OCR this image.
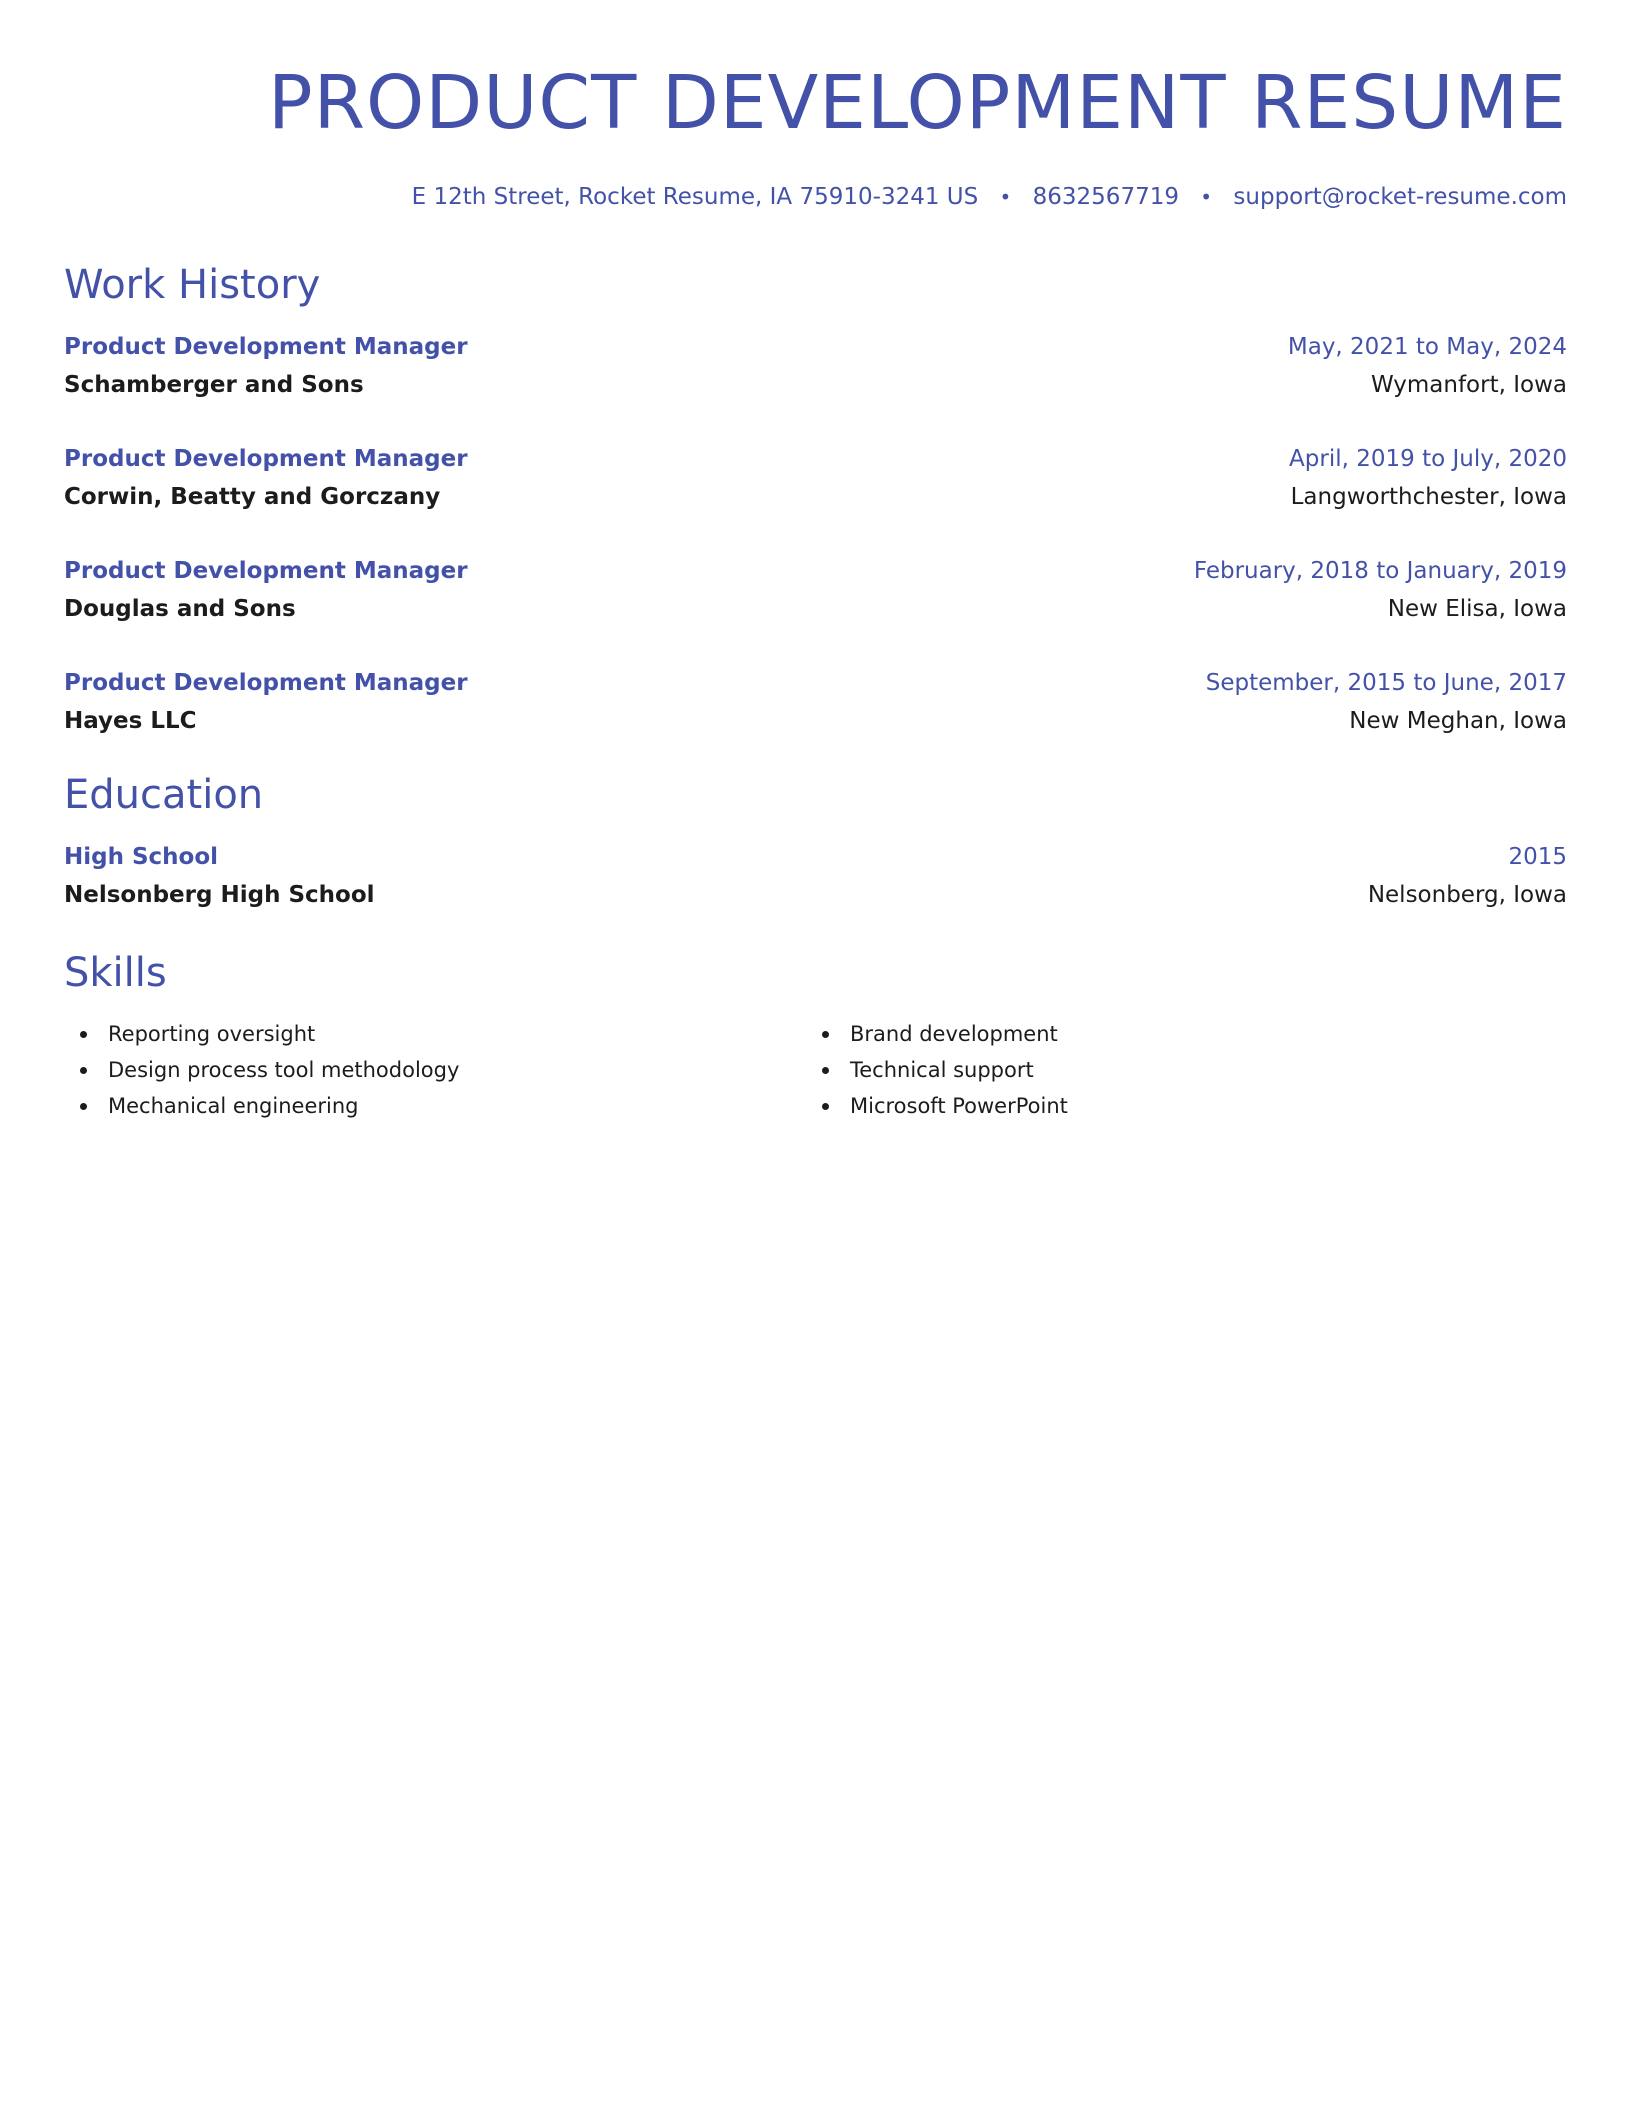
PRODUCT DEVELOPMENT RESUME
E 12th Street, Rocket Resume, IA 75910-3241 US • 8632567719 • support@rocket-resume.com
Work History
Product Development Manager	May, 2021 to May, 2024
Schamberger and Sons	Wymanfort, Iowa
Product Development Manager	April, 2019 to July, 2020
Corwin, Beatty and Gorczany	Langworthchester, Iowa
Product Development Manager	February, 2018 to January, 2019
Douglas and Sons	New Elisa, Iowa
Product Development Manager	September, 2015 to June, 2017
Hayes LLC	New Meghan, Iowa
Education
High School	2015
Nelsonberg High School	Nelsonberg, Iowa
Skills
Reporting oversight
Design process tool methodology
Mechanical engineering
Brand development
Technical support
Microsoft PowerPoint
